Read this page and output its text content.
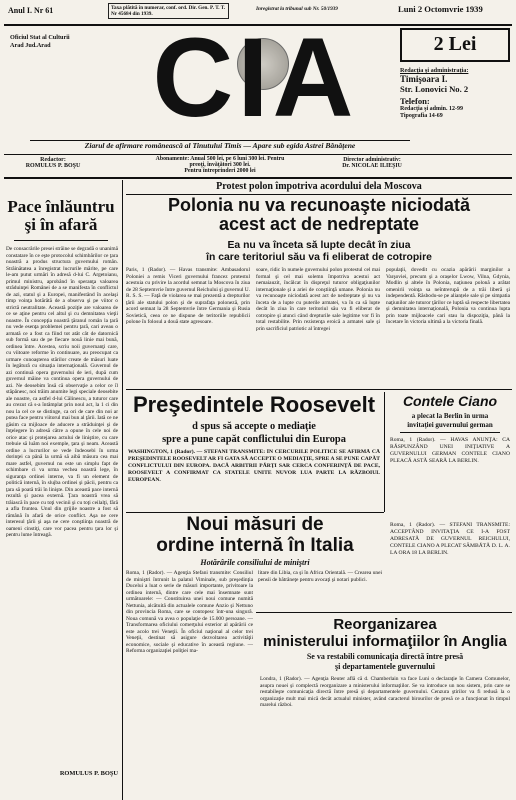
Anul I. Nr 61	Taxa plătită în numerar, conf. ord. Dir. Gen. P. T. T. Nr 45684 din 1939.
Inregistrat la tribunal sub Nr. 50/1939	Luni 2 Octomvrie 1939
Oficiul Stat al Culturii Arad Jud.Arad CIA	2 Lei
Redacţia şi administraţia:
Timişoara I.
Str. Lonovici No. 2
Telefon:
Redacţia şi admin. 12-99
Tipografia 14-69
Ziarul de afirmare românească al Tinutului Timis — Apare sub egida Astrei Bănățene
Redactor:
ROMULUS P. BOŞU
Abonamente: Anual 500 lei, pe 6 luni 300 lei. Pentru
preoţi, învăţători 300 lei.
Pentru întreprinderi 2000 lei
Director administrativ:
Dr. NICOLAE ILIEŞIU
Pace înlăuntru
şi în afară
De consacrările presei străine se degradă o unanimă constatare în ce eşte protocolul schimbărilor ce ţara noastră a produs structura guvernului român. Străinătatea a înregistrat lucrurile mărite, pe care le-am putut urmări în adresă d-lui C. Argetoianu, primul ministru, aprobând în speranţa valoarea străduinţei Românei de a se manifesta în conflictul de azi, statul şi a Europei, manifestând în acelaşi timp voinţa hotărâtă de a observa şi pe viitor o strictă neutralitate. Această poziţie are valoarea de ce se aţine pentru cel altul şi cu demnitatea vieţii noastre. În concepţia noastră ţăranul român la ţară nu vede esenţa problemei pentru ţară, cari aveau o armată ce a fost ca fiind tot atât cât de datornică sub formă sau de pe fiecare nouă linie mai bună, ordinea între. Acestea, scriu noii guvernanţi care, cu viitoare reforme în continuare, au preocupat ca urmare cunoaşterea stărilor create de măsuri luate în legătură cu situaţia internaţională. Guvernul de azi continuă opera guvernului de ieri, după cum guvernul măine va continua opera guvernului de azi. Ne deosebim însă că observaţie a celor ce îl stăpânesc, noi trăim anumite legi speciale deosebite ale noastre, ca astfel d-lui Călinescu, a tuturor care au crezut că s-a întâmplat prin noul act, la 1 ci din nou la cel ce se distinge, ca ori de care din noi ar putea face pentru viitorul mai bun al ţării. Iată ce ne găsim ca mijloace de aducere a străduinţei şi de înţelegere în adresă către a opune în cele noi de orice atac şi protejarea actului de liniştire, cu care trebuie să luăm noi exemple, ţara şi neam. Această ordine a lucrurilor se vede îndeosebi în urma dorinţei ca până la urmă să aibă măsura cea mai mare astfel, guvernul nu este un simplu fapt de schimbare ci va urma vechea noastră lege, în siguranţa ordinei interne, va fi un element de politică internă, în slujba ordinei şi păcii, pentru ca ţara să poată trăi în linişte. Din această pace internă rezultă şi pacea externă. Ţara noastră vrea să trăiască în pace cu toţi vecinii şi cu toţi ceilalţi, fără a afla fruntea. Unul din grijile noastre a fost să rămână în afară de orice conflict. Aşa ne cere interesul ţării şi aşa ne cere conştiinţa noastră de oameni cinstiţi, care vor pacea pentru ţara lor şi pentru lume întreagă.
ROMULUS P. BOŞU
Protest polon împotriva acordului dela Moscova
Polonia nu va recunoaşte niciodată
acest act de nedreptate
Ea nu va înceta să lupte decât în ziua
în care teritoriul său va fi eliberat de cotropire
Paris, 1 (Rador). — Havas transmite: Ambasadorul Poloniei a remis Viceri guvernului francez protestul acestuia cu privire la acordul semnat la Moscova în ziua de 28 Septemvrie între guvernul Reichului şi guvernul U. R. S. S. — Faţă de violarea se mai prezentă a drepturilor ţării ale statului polon şi de suprafaţa poloneză, prin acord semnat la 28 Septemvrie între Germania şi Rusia Sovietică, ceea ce ne dispune de teritoriile republicii polone în folosul a două state agresoare.
soare, ridic în numele guvernului polon protestul cel mai formal şi cel mai solemn împotriva acestui act nemaiauzit, încălcat în dispreţul tuturor obligaţiunilor internaţionale şi a ariei de conştiinţă umane. Polonia nu va recunoaşte niciodată acest act de nedreptate şi nu va înceta de a lupte cu puterile armatei, va în ca să lupte decât în ziua în care teritoriul său va fi eliberat de cotropire şi atunci când drepturile sale legitime vor fi în total restabilite. Prin rezistenţa eroică a armatei sale şi prin sacrificiul patriotic al întregei
populaţii, dovedit cu ocazia apărării marginilor a Varşoviei, precum şi a orașelor Lwow, Vilna, Gdynia, Modlin și altele în Polonia, naţiunea polonă a arătat omenirii voinţa sa neîntrerupă de a trăi liberă şi independentă. Răsbodu-se pe alianțele sale și pe simpatia naţiunilor ale tuturor ţărilor ce luptă să respecte libertatea și demnitatea internaţională, Polonia va continua lupta prin toate mijloacele cari stau la dispoziţia, până la încetare în victoria ultimă a la victoria finală.
Preşedintele Roosevelt
d spus să accepte o mediaţie
spre a pune capăt conflictului din Europa
WASHINGTON, 1 (Rador). — STEFANI TRANSMITE: ÎN CERCURILE POLITICE SE AFIRMĂ CĂ PREŞEDINTELE ROOSEVELT AR FI GATA SĂ ACCEPTE O MEDIAŢIE, SPRE A SE PUNE CAPĂT CONFLICTULUI DIN EUROPA. DACĂ ARBITRII PĂRŢI SAR CERCA CONFERINŢĂ DE PACE, ROOSEVELT A CONFIRMAT CA STATELE UNITE NUVOR LUA PARTE LA RĂZBOIUL EUROPEAN.
Contele Ciano
a plecat la Berlin în urma
invitaţiei guvernului german
Roma, 1 (Rador). — HAVAS ANUNŢA: CA RĂSPUNZÂND UNEI INIŢIATIVE A GUVERNULUI GERMAN CONTELE CIANO PLEACĂ ASTĂ SEARĂ LA BERLIN.
Roma, 1 (Rador). — STEFANI TRANSMITE: ACCEPTÂND INVITAŢIA CE I-A FOST ADRESATĂ DE GUVERNUL REICHULUI, CONTELE CIANO A PLECAT SÂMBĂTĂ D. L. A. LA ORA 18 LA BERLIN.
Noui măsuri de
ordine internă în Italia
Hotărârile consiliului de miniştri
Roma, 1 (Rador). — Agenţia Stefani transmite: Consiliul de miniştri întrunit la palatul Viminale, sub preşedinţia Ducelui a luat o serie de măsuri importante, privitoare la ordinea internă, dintre care cele mai însemnate sunt următoarele: — Constituirea unei noui comune numită Nettunia, alcătuită din actualele comune Anzio şi Nettuno din provincia Roma, care se contopesc într-una singură. Noua comună va avea o populaţie de 15.000 persoane. — Transformarea oficiului comerţului exterior al apărării ce este acolo trei Veneţii. În oficiul naţional al celor trei Veneţii, destinat să asigure dezvoltarea activităţii economice, sociale şi educative în această regiune. — Reforma organizaţiei poliţiei ma-
litare din Libia, ca şi în Africa Orientală. — Crearea unei pensii de bătrâneţe pentru avocaţi şi notari publici.
Reorganizarea
ministerului informaţiilor în Anglia
Se va restabili comunicaţia directă între presă
şi departamentele guvernului
Londra, 1 (Rador). — Agenţia Reuter află că d. Chamberlain va face Luni o declaraţie în Camera Comunelor, asupra nouei şi complectă reorganizare a ministerului informaţiilor. Se va introduce un nou sistem, prin care se restabileşte comunicaţia directă între presă şi departamentele guvernului. Cenzura ştirilor va fi redusă la o organizaţie mult mai mică decât actualul minister, având caracterul birourilor de presă ce a funcţionat în timpul marelui război.
